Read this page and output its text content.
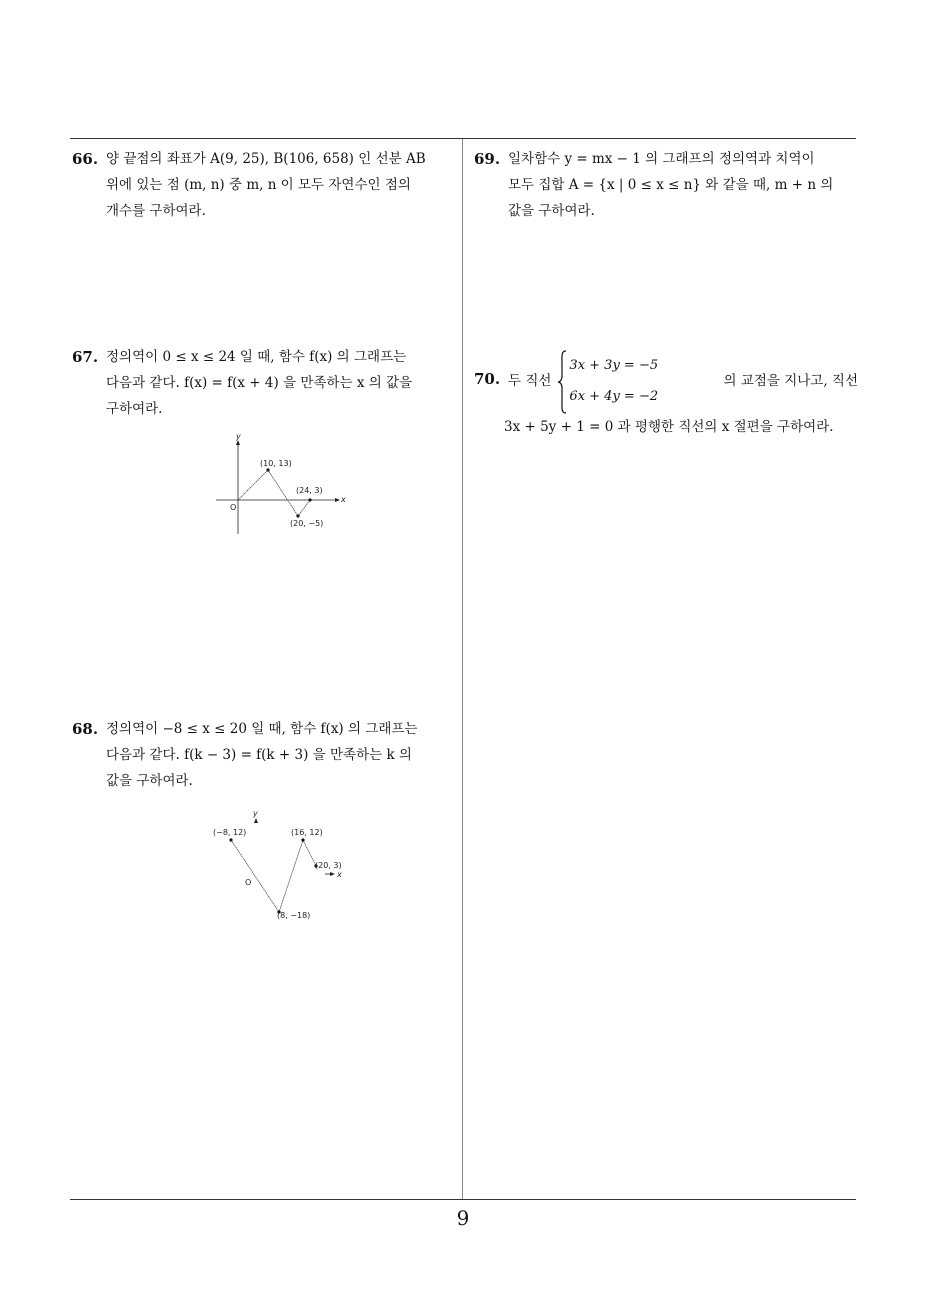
66. 양 끝점의 좌표가 A(9, 25), B(106, 658) 인 선분 AB
위에 있는 점 (m, n) 중 m, n 이 모두 자연수인 점의
개수를 구하여라.
67. 정의역이 0 ≤ x ≤ 24 일 때, 함수 f(x) 의 그래프는
다음과 같다. f(x) = f(x + 4) 을 만족하는 x 의 값을
구하여라.
y
x
O
(10, 13)
(24, 3)
(20, −5)
68. 정의역이 −8 ≤ x ≤ 20 일 때, 함수 f(x) 의 그래프는
다음과 같다. f(k − 3) = f(k + 3) 을 만족하는 k 의
값을 구하여라.
y
x
O
(−8, 12)	(16, 12)
(20, 3)
(8, −18)
69. 일차함수 y = mx − 1 의 그래프의 정의역과 치역이
모두 집합 A = {x | 0 ≤ x ≤ n} 와 같을 때, m + n 의
값을 구하여라.
70. 두 직선
3x + 3y = −5
6x + 4y = −2
의 교점을 지나고, 직선
3x + 5y + 1 = 0 과 평행한 직선의 x 절편을 구하여라.
9
